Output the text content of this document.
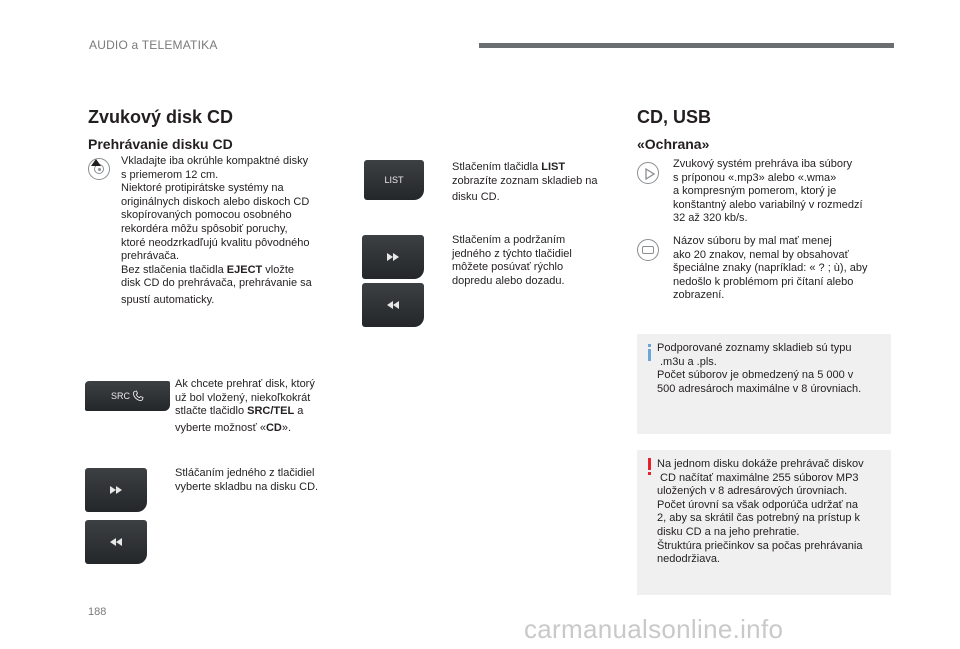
AUDIO a TELEMATIKA
Zvukový disk CD
Prehrávanie disku CD
Vkladajte iba okrúhle kompaktné disky
s priemerom 12 cm.
Niektoré protipirátske systémy na
originálnych diskoch alebo diskoch CD
skopírovaných pomocou osobného
rekordéra môžu spôsobiť poruchy,
ktoré neodzrkadľujú kvalitu pôvodného
prehrávača.
Bez stlačenia tlačidla EJECT vložte
disk CD do prehrávača, prehrávanie sa
spustí automaticky.
SRC
Ak chcete prehrať disk, ktorý
už bol vložený, niekoľkokrát
stlačte tlačidlo SRC/TEL a
vyberte možnosť «CD».
Stláčaním jedného z tlačidiel
vyberte skladbu na disku CD.
LIST
Stlačením tlačidla LIST
zobrazíte zoznam skladieb na
disku CD.
Stlačením a podržaním
jedného z týchto tlačidiel
môžete posúvať rýchlo
dopredu alebo dozadu.
CD, USB
«Ochrana»
Zvukový systém prehráva iba súbory
s príponou «.mp3» alebo «.wma»
a kompresným pomerom, ktorý je
konštantný alebo variabilný v rozmedzí
32 až 320 kb/s.
Názov súboru by mal mať menej
ako 20 znakov, nemal by obsahovať
špeciálne znaky (napríklad: « ? ; ù), aby
nedošlo k problémom pri čítaní alebo
zobrazení.
Podporované zoznamy skladieb sú typu
.m3u a .pls.
Počet súborov je obmedzený na 5 000 v
500 adresároch maximálne v 8 úrovniach.
Na jednom disku dokáže prehrávač diskov
CD načítať maximálne 255 súborov MP3
uložených v 8 adresárových úrovniach.
Počet úrovní sa však odporúča udržať na
2, aby sa skrátil čas potrebný na prístup k
disku CD a na jeho prehratie.
Štruktúra priečinkov sa počas prehrávania
nedodržiava.
188
carmanualsonline.info
